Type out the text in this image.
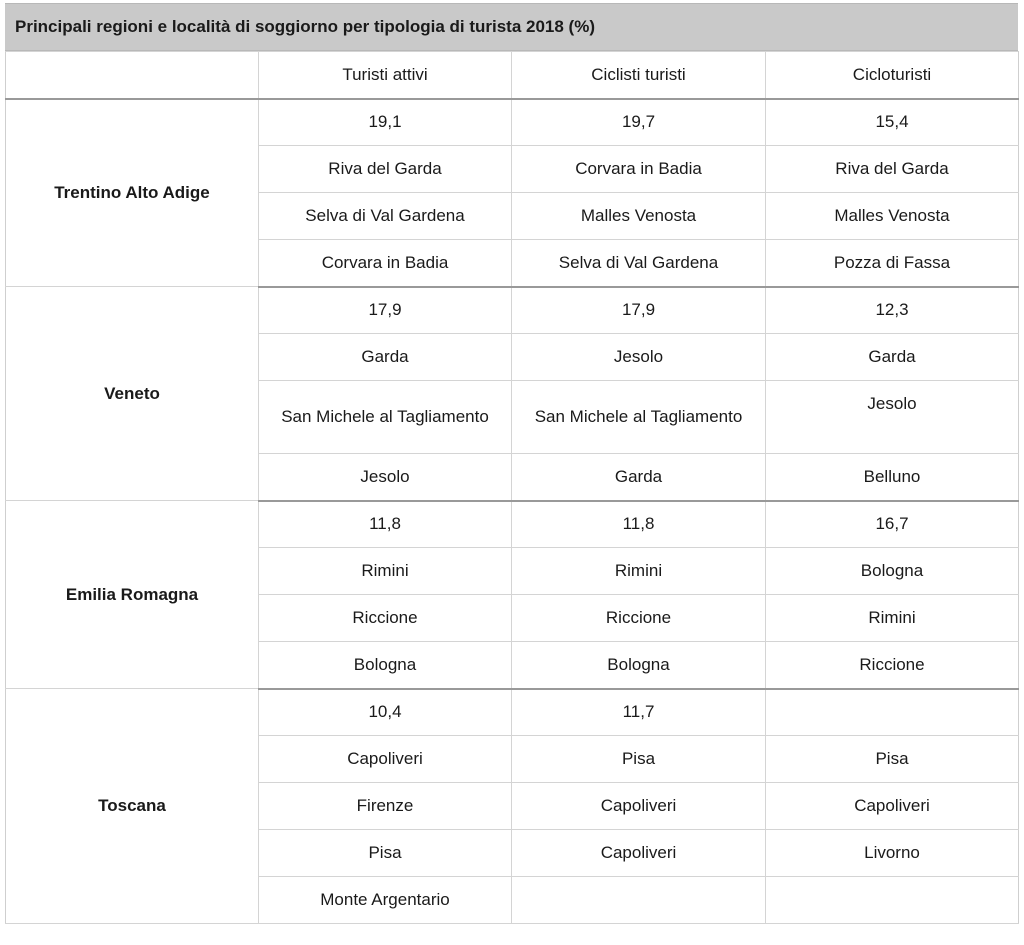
Principali regioni e località di soggiorno per tipologia di turista 2018 (%)
	Turisti attivi	Ciclisti turisti	Cicloturisti
Trentino Alto Adige	19,1	19,7	15,4
	Riva del Garda	Corvara in Badia	Riva del Garda
	Selva di Val Gardena	Malles Venosta	Malles Venosta
	Corvara in Badia	Selva di Val Gardena	Pozza di Fassa
Veneto	17,9	17,9	12,3
	Garda	Jesolo	Garda
	San Michele al Tagliamento	San Michele al Tagliamento	Jesolo
	Jesolo	Garda	Belluno
Emilia Romagna	11,8	11,8	16,7
	Rimini	Rimini	Bologna
	Riccione	Riccione	Rimini
	Bologna	Bologna	Riccione
Toscana	10,4	11,7	
	Capoliveri	Pisa	Pisa
	Firenze	Capoliveri	Capoliveri
	Pisa	Capoliveri	Livorno
	Monte Argentario		
